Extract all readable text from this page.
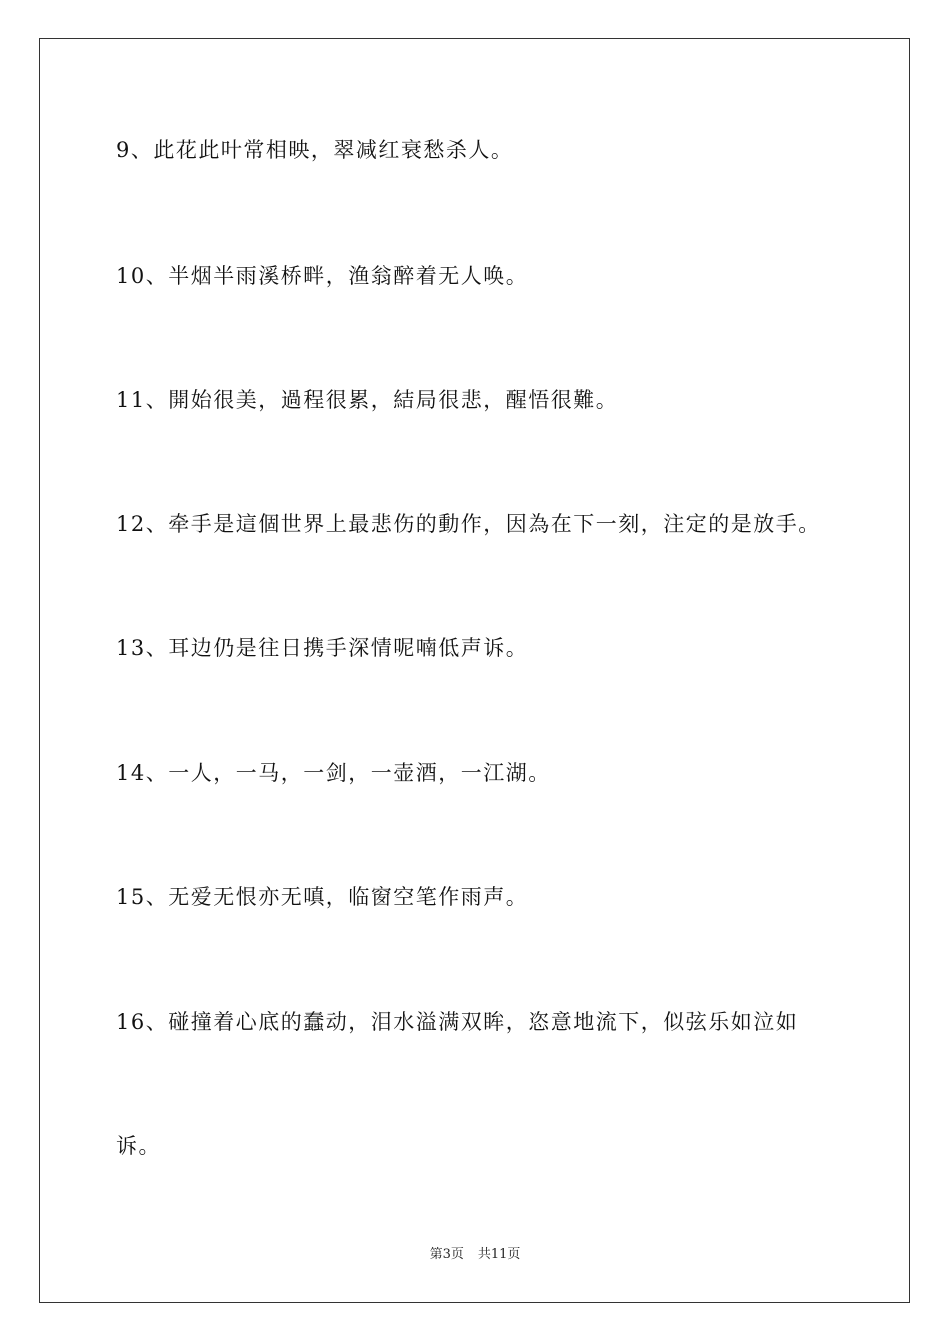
9、此花此叶常相映，翠减红衰愁杀人。
10、半烟半雨溪桥畔，渔翁醉着无人唤。
11、開始很美，過程很累，結局很悲，醒悟很難。
12、牵手是這個世界上最悲伤的動作，因為在下一刻，注定的是放手。
13、耳边仍是往日携手深情呢喃低声诉。
14、一人，一马，一剑，一壶酒，一江湖。
15、无爱无恨亦无嗔，临窗空笔作雨声。
16、碰撞着心底的蠢动，泪水溢满双眸，恣意地流下，似弦乐如泣如
诉。
第3页 共11页
